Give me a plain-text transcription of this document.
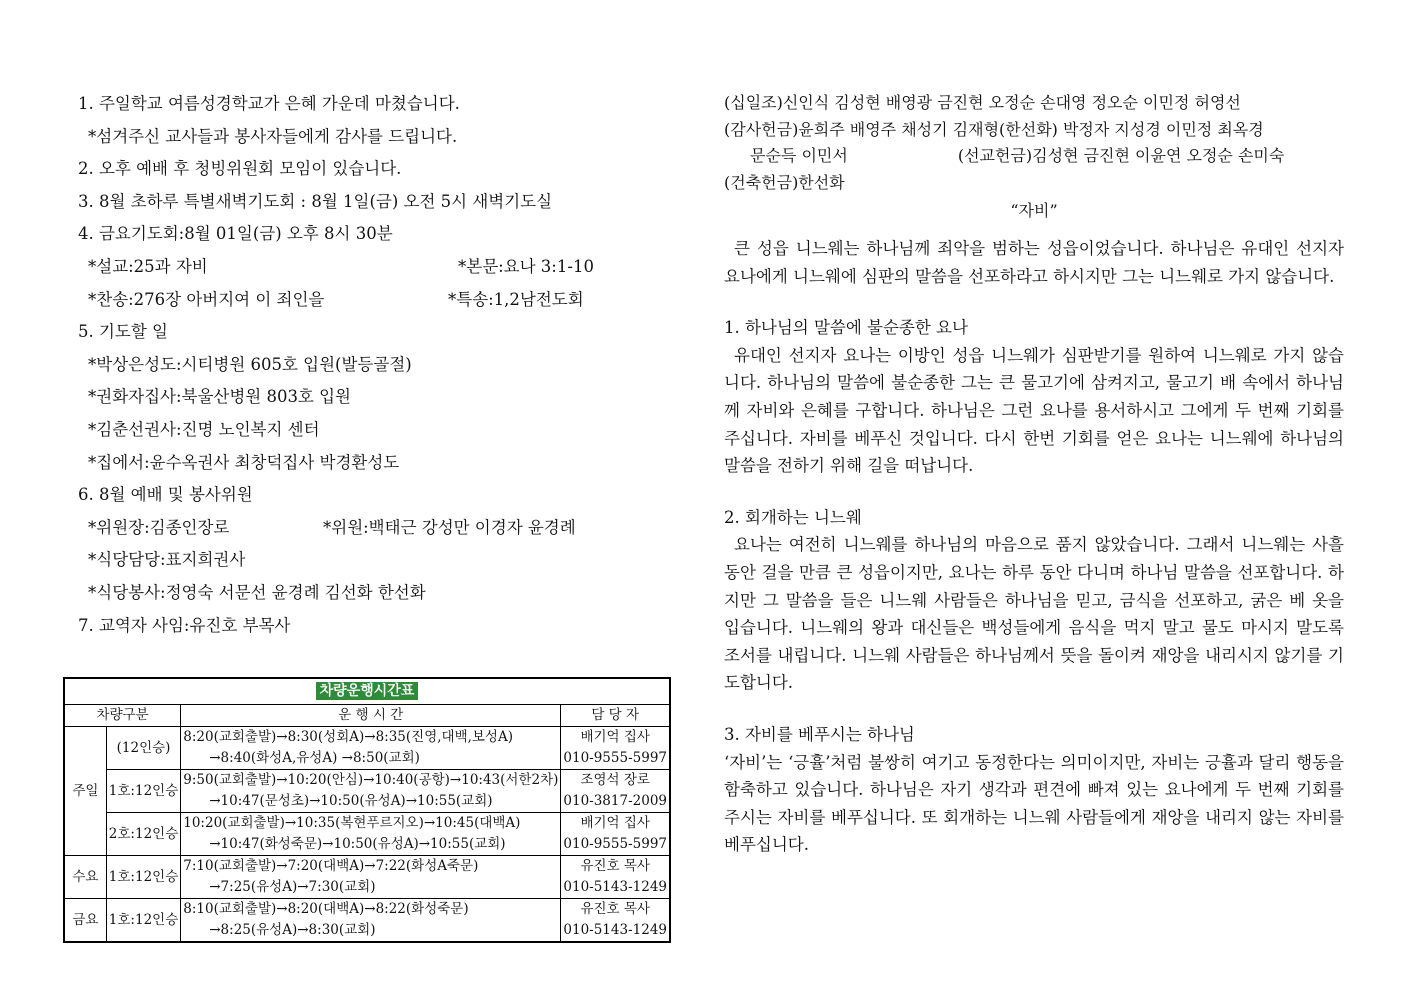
1. 주일학교 여름성경학교가 은혜 가운데 마쳤습니다.
*섬겨주신 교사들과 봉사자들에게 감사를 드립니다.
2. 오후 예배 후 청빙위원회 모임이 있습니다.
3. 8월 초하루 특별새벽기도회 : 8월 1일(금) 오전 5시 새벽기도실
4. 금요기도회:8월 01일(금) 오후 8시 30분
*설교:25과 자비	*본문:요나 3:1-10
*찬송:276장 아버지여 이 죄인을	*특송:1,2남전도회
5. 기도할 일
*박상은성도:시티병원 605호 입원(발등골절)
*권화자집사:북울산병원 803호 입원
*김춘선권사:진명 노인복지 센터
*집에서:윤수옥권사 최창덕집사 박경환성도
6. 8월 예배 및 봉사위원
*위원장:김종인장로	*위원:백태근 강성만 이경자 윤경례
*식당담당:표지희권사
*식당봉사:정영숙 서문선 윤경례 김선화 한선화
7. 교역자 사임:유진호 부목사
차량운행시간표			
차량구분		운 행 시 간	담 당 자
주일	(12인승)	8:20(교회출발)→8:30(성회A)→8:35(진영,대백,보성A)	배기억 집사
		→8:40(화성A,유성A) →8:50(교회)	010-9555-5997
	1호:12인승	9:50(교회출발)→10:20(안심)→10:40(공항)→10:43(서한2차)	조영석 장로
		→10:47(문성초)→10:50(유성A)→10:55(교회)	010-3817-2009
	2호:12인승	10:20(교회출발)→10:35(복현푸르지오)→10:45(대백A)	배기억 집사
		→10:47(화성죽문)→10:50(유성A)→10:55(교회)	010-9555-5997
수요	1호:12인승	7:10(교회출발)→7:20(대백A)→7:22(화성A죽문)	유진호 목사
		→7:25(유성A)→7:30(교회)	010-5143-1249
금요	1호:12인승	8:10(교회출발)→8:20(대백A)→8:22(화성죽문)	유진호 목사
		→8:25(유성A)→8:30(교회)	010-5143-1249
(십일조)신인식 김성현 배영광 금진현 오정순 손대영 정오순 이민정 허영선
(감사헌금)윤희주 배영주 채성기 김재형(한선화) 박정자 지성경 이민정 최옥경
문순득 이민서	(선교헌금)김성현 금진현 이윤연 오정순 손미숙
(건축헌금)한선화
“자비”

큰 성읍 니느웨는 하나님께 죄악을 범하는 성읍이었습니다. 하나님은 유대인 선지자 요나에게 니느웨에 심판의 말씀을 선포하라고 하시지만 그는 니느웨로 가지 않습니다.

1. 하나님의 말씀에 불순종한 요나

유대인 선지자 요나는 이방인 성읍 니느웨가 심판받기를 원하여 니느웨로 가지 않습니다. 하나님의 말씀에 불순종한 그는 큰 물고기에 삼켜지고, 물고기 배 속에서 하나님께 자비와 은혜를 구합니다. 하나님은 그런 요나를 용서하시고 그에게 두 번째 기회를 주십니다. 자비를 베푸신 것입니다. 다시 한번 기회를 얻은 요나는 니느웨에 하나님의 말씀을 전하기 위해 길을 떠납니다.

2. 회개하는 니느웨

요나는 여전히 니느웨를 하나님의 마음으로 품지 않았습니다. 그래서 니느웨는 사흘 동안 걸을 만큼 큰 성읍이지만, 요나는 하루 동안 다니며 하나님 말씀을 선포합니다. 하지만 그 말씀을 들은 니느웨 사람들은 하나님을 믿고, 금식을 선포하고, 굵은 베 옷을 입습니다. 니느웨의 왕과 대신들은 백성들에게 음식을 먹지 말고 물도 마시지 말도록 조서를 내립니다. 니느웨 사람들은 하나님께서 뜻을 돌이켜 재앙을 내리시지 않기를 기도합니다.

3. 자비를 베푸시는 하나님

‘자비’는 ‘긍휼’처럼 불쌍히 여기고 동정한다는 의미이지만, 자비는 긍휼과 달리 행동을 함축하고 있습니다. 하나님은 자기 생각과 편견에 빠져 있는 요나에게 두 번째 기회를 주시는 자비를 베푸십니다. 또 회개하는 니느웨 사람들에게 재앙을 내리지 않는 자비를 베푸십니다.
